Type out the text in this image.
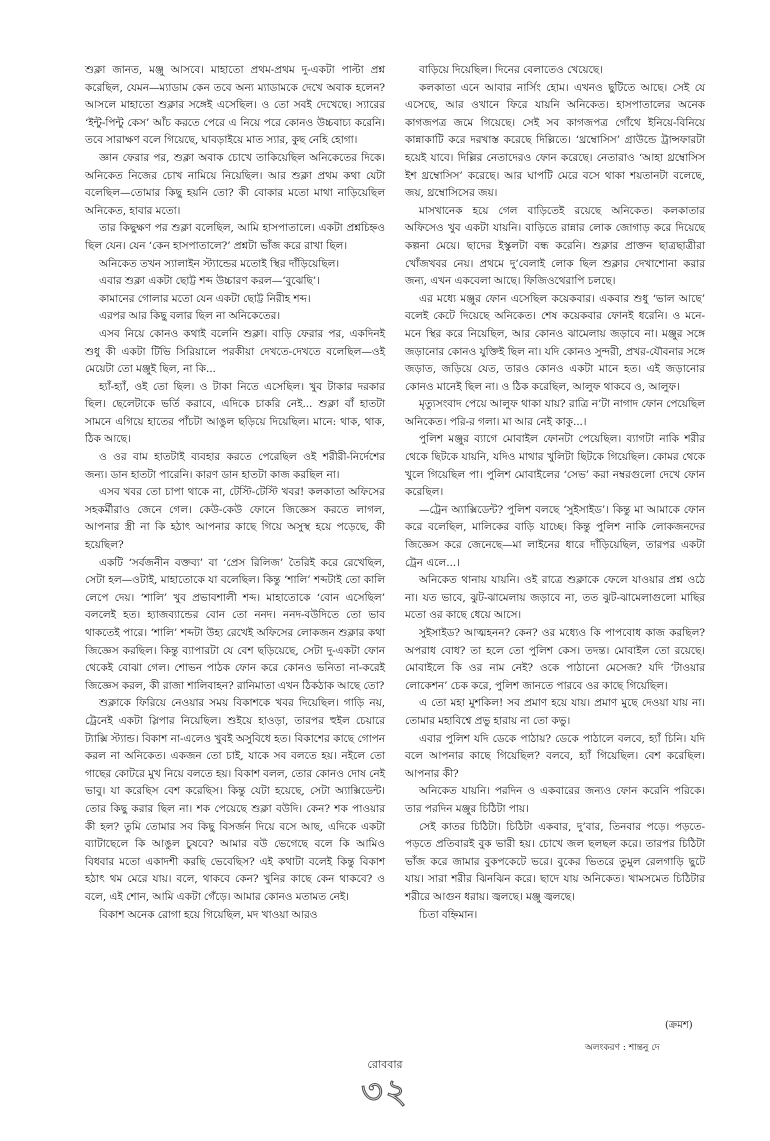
শুক্লা জানত, মঞ্জু আসবে। মাহাতো প্রথম-প্রথম দু-একটা পাল্টা প্রশ্ন করেছিল, যেমন—ম্যাডাম কেন তবে অন্য ম্যাডামকে দেখে অবাক হলেন? আসলে মাহাতো শুক্লার সঙ্গেই এসেছিল। ও তো সবই দেখেছে। স্যারের ‘ইন্টু-পিন্টু কেস’ আঁচ করতে পেরে এ নিয়ে পরে কোনও উচ্চবাচ্য করেনি। তবে সারাক্ষণ বলে গিয়েছে, ঘাবড়াইয়ে মাত স্যার, কুছ নেহি হোগা।

জ্ঞান ফেরার পর, শুক্লা অবাক চোখে তাকিয়েছিল অনিকেতের দিকে। অনিকেত নিজের চোখ নামিয়ে নিয়েছিল। আর শুক্লা প্রথম কথা যেটা বলেছিল—তোমার কিছু হয়নি তো? কী বোকার মতো মাথা নাড়িয়েছিল অনিকেত, হাবার মতো।

তার কিছুক্ষণ পর শুক্লা বলেছিল, আমি হাসপাতালে। একটা প্রশ্নচিহ্নও ছিল যেন। যেন ‘কেন হাসপাতালে?’ প্রশ্নটা ভাঁজ করে রাখা ছিল।

অনিকেত তখন স্যালাইন স্ট্যান্ডের মতোই স্থির দাঁড়িয়েছিল।

এবার শুক্লা একটা ছোট্ট শব্দ উচ্চারণ করল—‘বুঝেছি’।

কামানের গোলার মতো যেন একটা ছোট্ট নিরীহ শব্দ।

এরপর আর কিছু বলার ছিল না অনিকেতের।

এসব নিয়ে কোনও কথাই বলেনি শুক্লা। বাড়ি ফেরার পর, একদিনই শুধু কী একটা টিভি সিরিয়ালে পরকীয়া দেখতে-দেখতে বলেছিল—ওই মেয়েটা তো মঞ্জুই ছিল, না কি...

হ্যাঁ-হ্যাঁ, ওই তো ছিল। ও টাকা নিতে এসেছিল। খুব টাকার দরকার ছিল। ছেলেটাকে ভর্তি করাবে, এদিকে চাকরি নেই... শুক্লা বাঁ হাতটা সামনে এগিয়ে হাতের পাঁচটা আঙুল ছড়িয়ে দিয়েছিল। মানে: থাক, থাক, ঠিক আছে।

ও ওর বাম হাতটাই ব্যবহার করতে পেরেছিল ওই শরীরী-নির্দেশের জন্য। ডান হাতটা পারেনি। কারণ ডান হাতটা কাজ করছিল না।

এসব খবর তো চাপা থাকে না, টেস্টি-টেস্টি খবর! কলকাতা অফিসের সহকর্মীরাও জেনে গেল। কেউ-কেউ ফোনে জিজ্ঞেস করতে লাগল, আপনার স্ত্রী না কি হঠাৎ আপনার কাছে গিয়ে অসুস্থ হয়ে পড়েছে, কী হয়েছিল?

একটি ‘সর্বজনীন বক্তব্য’ বা ‘প্রেস রিলিজ’ তৈরিই করে রেখেছিল, সেটা হল—ওটাই, মাহাতোকে যা বলেছিল। কিন্তু ‘শালি’ শব্দটাই তো কালি লেপে দেয়। ‘শালি’ খুব প্রভাবশালী শব্দ। মাহাতোকে ‘বোন এসেছিল’ বললেই হত। হ্যাজব্যান্ডের বোন তো ননদ। ননদ-বউদিতে তো ভাব থাকতেই পারে। ‘শালি’ শব্দটা উহ্য রেখেই অফিসের লোকজন শুক্লার কথা জিজ্ঞেস করছিল। কিন্তু ব্যাপারটা যে বেশ ছড়িয়েছে, সেটা দু-একটা ফোন থেকেই বোঝা গেল। শোভন পাঠক ফোন করে কোনও ভনিতা না-করেই জিজ্ঞেস করল, কী রাজা শালিবাহন? রানিমাতা এখন ঠিকঠাক আছে তো?

শুক্লাকে ফিরিয়ে নেওয়ার সময় বিকাশকে খবর দিয়েছিল। গাড়ি নয়, ট্রেনেই একটা স্লিপার নিয়েছিল। শুইয়ে হাওড়া, তারপর হুইল চেয়ারে ট্যাক্সি স্ট্যান্ড। বিকাশ না-এলেও খুবই অসুবিধে হত। বিকাশের কাছে গোপন করল না অনিকেত। একজন তো চাই, যাকে সব বলতে হয়। নইলে তো গাছের কোটরে মুখ নিয়ে বলতে হয়। বিকাশ বলল, তোর কোনও দোষ নেই ভাবু। যা করেছিস বেশ করেছিস। কিন্তু যেটা হয়েছে, সেটা অ্যাক্সিডেন্ট। তোর কিছু করার ছিল না। শক পেয়েছে শুক্লা বউদি। কেন? শক পাওয়ার কী হল? তুমি তোমার সব কিছু বিসর্জন দিয়ে বসে আছ, এদিকে একটা ব্যাটাছেলে কি আঙুল চুষবে? আমার বউ ভেগেছে বলে কি আমিও বিধবার মতো একাদশী করছি ভেবেছিস? এই কথাটা বলেই কিন্তু বিকাশ হঠাৎ থম মেরে যায়। বলে, থাকবে কেন? খুনির কাছে কেন থাকবে? ও বলে, এই শোন, আমি একটা গেঁড়ে। আমার কোনও মতামত নেই।

বিকাশ অনেক রোগা হয়ে গিয়েছিল, মদ খাওয়া আরও

বাড়িয়ে দিয়েছিল। দিনের বেলাতেও খেয়েছে।

কলকাতা এনে আবার নার্সিং হোম। এখনও ছুটিতে আছে। সেই যে এসেছে, আর ওখানে ফিরে যায়নি অনিকেত। হাসপাতালের অনেক কাগজপত্র জমে গিয়েছে। সেই সব কাগজপত্র গোঁথে ইনিয়ে-বিনিয়ে কান্নাকাটি করে দরখাস্ত করেছে দিল্লিতে। ‘থ্রম্বোসিস’ গ্রাউন্ডে ট্রান্সফারটা হয়েই যাবে। দিল্লির নেতাদেরও ফোন করেছে। নেতারাও ‘আহা থ্রম্বোসিস ইশ থ্রম্বোসিস’ করেছে। আর ঘাপটি মেরে বসে থাকা শয়তানটা বলেছে, জয়, থ্রম্বোসিসের জয়।

মাসখানেক হয়ে গেল বাড়িতেই রয়েছে অনিকেত। কলকাতার অফিসেও খুব একটা যায়নি। বাড়িতে রান্নার লোক জোগাড় করে দিয়েছে কল্পনা মেয়ে। ছাদের ইস্কুলটা বন্ধ করেনি। শুক্লার প্রাক্তন ছাত্রছাত্রীরা খোঁজখবর নেয়। প্রথমে দু’বেলাই লোক ছিল শুক্লার দেখাশোনা করার জন্য, এখন একবেলা আছে। ফিজিওথেরাপি চলছে।

এর মধ্যে মঞ্জুর ফোন এসেছিল কয়েকবার। একবার শুধু ‘ভাল আছে’ বলেই কেটে দিয়েছে অনিকেত। শেষ কয়েকবার ফোনই ধরেনি। ও মনে-মনে স্থির করে নিয়েছিল, আর কোনও ঝামেলায় জড়াবে না। মঞ্জুর সঙ্গে জড়ানোর কোনও যুক্তিই ছিল না। যদি কোনও সুন্দরী, প্রখর-যৌবনার সঙ্গে জড়াত, জড়িয়ে যেত, তারও কোনও একটা মানে হত। এই জড়ানোর কোনও মানেই ছিল না। ও ঠিক করেছিল, আলুফ থাকবে ও, আলুফ।

মৃত্যুসংবাদ পেয়ে আলুফ থাকা যায়? রাত্রি ন’টা নাগাদ ফোন পেয়েছিল অনিকেত। পরি-র গলা। মা আর নেই কাকু...।

পুলিশ মঞ্জুর ব্যাগে মোবাইল ফোনটা পেয়েছিল। ব্যাগটা নাকি শরীর থেকে ছিটকে যায়নি, যদিও মাথার খুলিটা ছিটকে গিয়েছিল। কোমর থেকে খুলে গিয়েছিল পা। পুলিশ মোবাইলের ‘সেভ’ করা নম্বরগুলো দেখে ফোন করেছিল।

—ট্রেন অ্যাক্সিডেন্ট? পুলিশ বলছে ‘সুইসাইড’। কিন্তু মা আমাকে ফোন করে বলেছিল, মালিকের বাড়ি যাচ্ছে। কিন্তু পুলিশ নাকি লোকজনদের জিজ্ঞেস করে জেনেছে—মা লাইনের ধারে দাঁড়িয়েছিল, তারপর একটা ট্রেন এলে...।

অনিকেত থানায় যায়নি। ওই রাত্রে শুক্লাকে ফেলে যাওয়ার প্রশ্ন ওঠে না। যত ভাবে, ঝুট-ঝামেলায় জড়াবে না, তত ঝুট-ঝামেলাগুলো মাছির মতো ওর কাছে ধেয়ে আসে।

সুইসাইড? আত্মহনন? কেন? ওর মধ্যেও কি পাপবোধ কাজ করছিল? অপরাধ বোধ? তা হলে তো পুলিশ কেস। তদন্ত। মোবাইল তো রয়েছে। মোবাইলে কি ওর নাম নেই? ওকে পাঠানো মেসেজ? যদি ‘টাওয়ার লোকেশন’ চেক করে, পুলিশ জানতে পারবে ওর কাছে গিয়েছিল।

এ তো মহা মুশকিল! সব প্রমাণ হয়ে যায়। প্রমাণ মুছে দেওয়া যায় না। তোমার মহাবিশ্বে প্রভু হারায় না তো কভু।

এবার পুলিশ যদি ডেকে পাঠায়? ডেকে পাঠালে বলবে, হ্যাঁ চিনি। যদি বলে আপনার কাছে গিয়েছিল? বলবে, হ্যাঁ গিয়েছিল। বেশ করেছিল। আপনার কী?

অনিকেত যায়নি। পরদিন ও একবারের জন্যও ফোন করেনি পরিকে। তার পরদিন মঞ্জুর চিঠিটা পায়।

সেই কাতর চিঠিটা। চিঠিটা একবার, দু’বার, তিনবার পড়ে। পড়তে-পড়তে প্রতিবারই বুক ভারী হয়। চোখে জল ছলছল করে। তারপর চিঠিটা ভাঁজ করে জামার বুকপকেটে ভরে। বুকের ভিতরে তুমুল রেলগাড়ি ছুটে যায়। সারা শরীর ঝিনঝিন করে। ছাদে যায় অনিকেত। খামসমেত চিঠিটার শরীরে আগুন ধরায়। জ্বলছে। মঞ্জু জ্বলছে।

চিতা বহ্নিমান।

(ক্রমশ)
অলংকরণ : শান্তনু দে
রোববার
৩২
